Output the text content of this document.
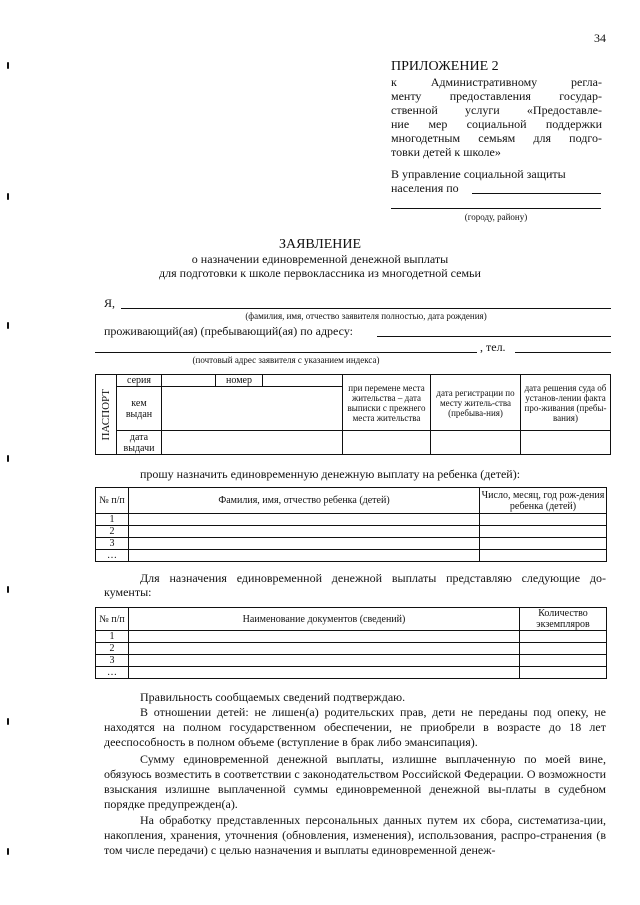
34
ПРИЛОЖЕНИЕ 2
к Административному регла-
менту предоставления государ-
ственной услуги «Предоставле-
ние мер социальной поддержки
многодетным семьям для подго-
товки детей к школе»
В управление социальной защиты
населения по
(городу, району)
ЗАЯВЛЕНИЕ
о назначении единовременной денежной выплаты
для подготовки к школе первоклассника из многодетной семьи
Я,
(фамилия, имя, отчество заявителя полностью, дата рождения)
проживающий(ая) (пребывающий(ая) по адресу:
, тел.
(почтовый адрес заявителя с указанием индекса)
ПАСПОРТ	серия		номер		при перемене места жительства – дата выписки с прежнего места жительства	дата регистрации по месту житель-ства (пребыва-ния)	дата решения суда об установ-лении факта про-живания (пребы-вания)
	кем выдан						
	дата выдачи						
прошу назначить единовременную денежную выплату на ребенка (детей):
№ п/п	Фамилия, имя, отчество ребенка (детей)	Число, месяц, год рож-дения ребенка (детей)
1		
2		
3		
…		
Для назначения единовременной денежной выплаты представляю следующие до-кументы:
№ п/п	Наименование документов (сведений)	Количество экземпляров
1		
2		
3		
…		
Правильность сообщаемых сведений подтверждаю.
В отношении детей: не лишен(а) родительских прав, дети не переданы под опеку, не находятся на полном государственном обеспечении, не приобрели в возрасте до 18 лет дееспособность в полном объеме (вступление в брак либо эмансипация).
Сумму единовременной денежной выплаты, излишне выплаченную по моей вине, обязуюсь возместить в соответствии с законодательством Российской Федерации. О возможности взыскания излишне выплаченной суммы единовременной денежной вы-платы в судебном порядке предупрежден(а).
На обработку представленных персональных данных путем их сбора, систематиза-ции, накопления, хранения, уточнения (обновления, изменения), использования, распро-странения (в том числе передачи) с целью назначения и выплаты единовременной денеж-
